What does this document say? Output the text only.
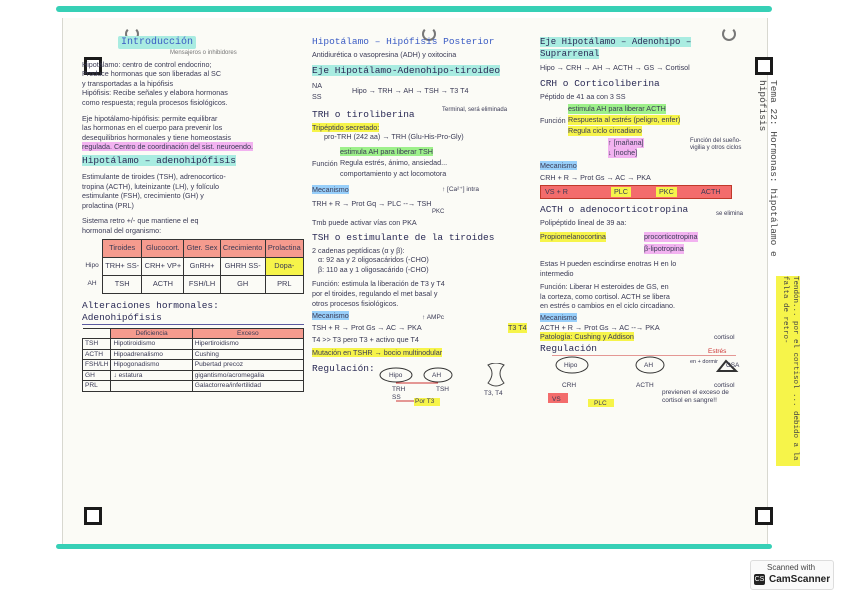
Introducción
Mensajeros o inhibidores
Hipotálamo: centro de control endocrino;
Produce hormonas que son liberadas al SC
y transportadas a la hipófisis
Hipófisis: Recibe señales y elabora hormonas
como respuesta; regula procesos fisiológicos.
Eje hipotálamo-hipófisis: permite equilibrar
las hormonas en el cuerpo para prevenir los
desequilibrios hormonales y tiene homeostasis
regulada. Centro de coordinación del sist. neuroendo.
Hipotálamo – adenohipófisis
Estimulante de tiroides (TSH), adrenocortico-
tropina (ACTH), luteinizante (LH), y folículo
estimulante (FSH), crecimiento (GH) y
prolactina (PRL)
Sistema retro +/- que mantiene el eq
hormonal del organismo:
	Tiroides	Glucocort.	Gter. Sex	Crecimiento	Prolactina
Hipo	TRH+ SS-	CRH+ VP+	GnRH+	GHRH SS-	Dopa-
AH	TSH	ACTH	FSH/LH	GH	PRL
Alteraciones hormonales: Adenohipófisis
	Deficiencia	Exceso
TSH	Hipotiroidismo	Hipertiroidismo
ACTH	Hipoadrenalismo	Cushing
FSH/LH	Hipogonadismo	Pubertad precoz
GH	↓ estatura	gigantismo/acromegalia
PRL		Galactorrea/infertilidad
Hipotálamo – Hipófisis Posterior
Antidiurética o vasopresina (ADH) y oxitocina
Eje Hipotálamo-Adenohipo-tiroideo
NA
SS
Hipo → TRH → AH → TSH → T3 T4
TRH o tiroliberina	Terminal, será eliminada
Tripéptido secretado:
pro-TRH (242 aa) → TRH (Glu-His-Pro-Gly)
Función
estimula AH para liberar TSH
Regula estrés, ánimo, ansiedad...
comportamiento y act locomotora
Mecanismo	↑ [Ca²⁺] intra
TRH + R → Prot Gq → PLC --→ TSH
PKC
Tmb puede activar vías con PKA
TSH o estimulante de la tiroides
2 cadenas peptídicas (α y β):
α: 92 aa y 2 oligosacáridos (-CHO)
β: 110 aa y 1 oligosacárido (-CHO)
Función: estimula la liberación de T3 y T4
por el tiroides, regulando el met basal y
otros procesos fisiológicos.
Mecanismo	↑ AMPc
TSH + R → Prot Gs → AC → PKA	T3 T4
T4 >> T3 pero T3 + activo que T4
Mutación en TSHR → bocio multinodular
Regulación:
Hipo	AH
TRH	TSH
SS
Por T3
T3, T4
Eje Hipotálamo – Adenohipo – Suprarrenal
Hipo → CRH → AH → ACTH → GS → Cortisol
CRH o Corticoliberina
Péptido de 41 aa con 3 SS
Función
estimula AH para liberar ACTH
Respuesta al estrés (peligro, enfer)
Regula ciclo circadiano
↑ [mañana]
↓ [noche]
Función del sueño-vigilia y otros ciclos
Mecanismo
CRH + R → Prot Gs → AC → PKA
VS + R	PLC	PKC	ACTH
ACTH o adenocorticotropina	se elimina
Polipéptido lineal de 39 aa:
Propiomelanocortina	procorticotropina
β-lipotropina
Estas H pueden escindirse enotras H en lo
intermedio
Función: Liberar H esteroides de GS, en
la corteza, como cortisol. ACTH se libera
en estrés o cambios en el ciclo circadiano.
Mecanismo
ACTH + R → Prot Gs → AC --→ PKA
Patología: Cushing y Addison	cortisol
Regulación	Estrés
Hipo	AH
CRH	ACTH
VS
PLC
cortisol
CSA
en + dormir
previenen el exceso de
cortisol en sangre!!
Tema 22: Hormonas: hipotálamo e hipófisis
Tendón... por el cortisol ... debido a la falta de retro-
Scanned with
CS CamScanner
